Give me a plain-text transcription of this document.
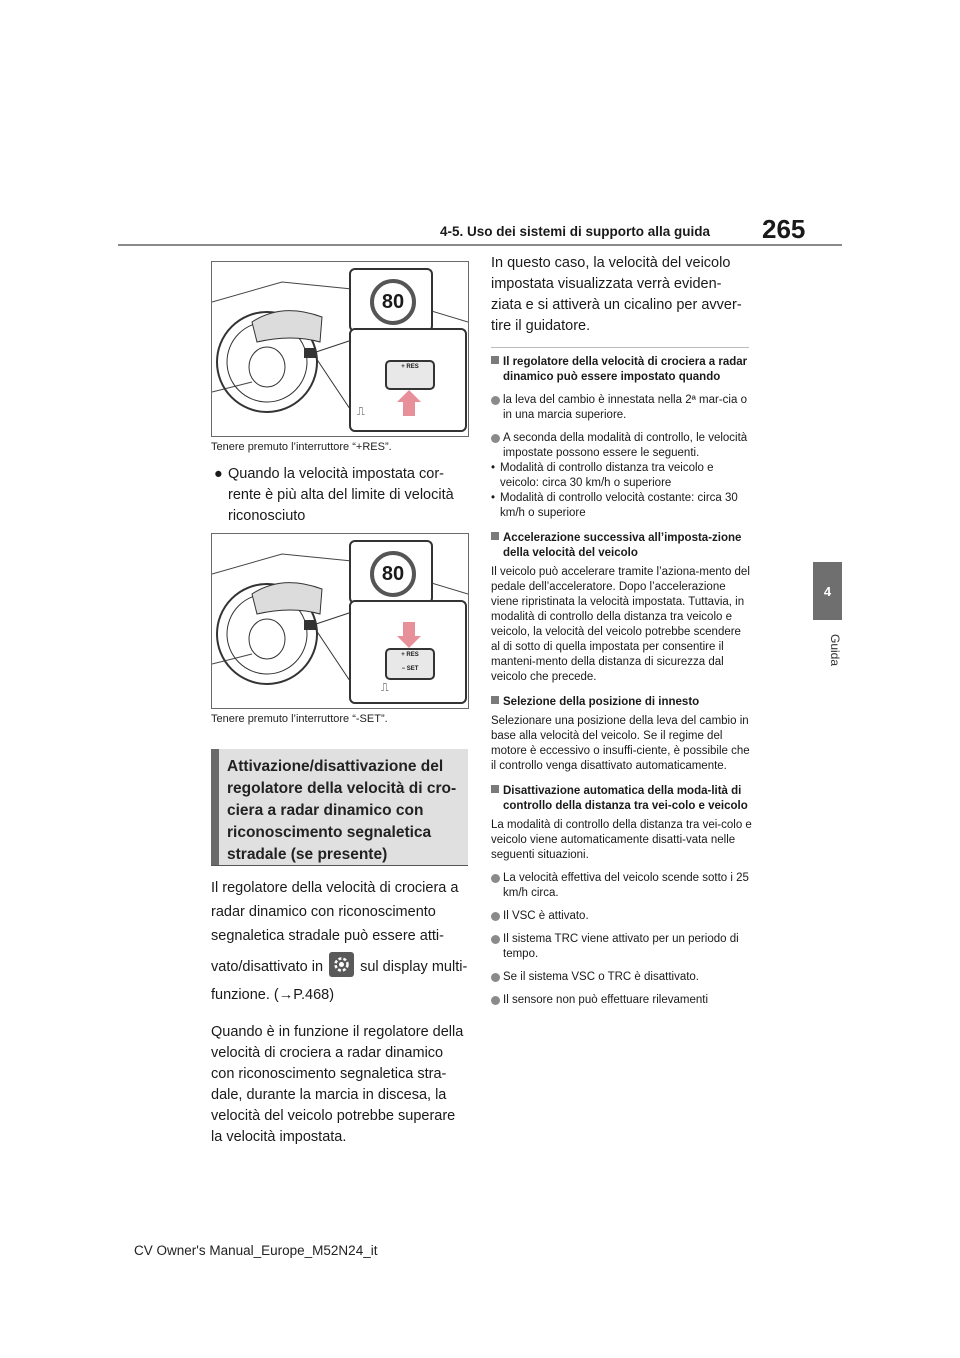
4-5. Uso dei sistemi di supporto alla guida 265
4
Guida
80
+ RES
⎍
Tenere premuto l’interruttore “+RES”.
● Quando la velocità impostata cor-
rente è più alta del limite di velocità
riconosciuto
80
+ RES
− SET
⎍
Tenere premuto l’interruttore “-SET”.
Attivazione/disattivazione del
regolatore della velocità di cro-
ciera a radar dinamico con
riconoscimento segnaletica
stradale (se presente)
Il regolatore della velocità di crociera a
radar dinamico con riconoscimento
segnaletica stradale può essere atti-
vato/disattivato in	sul display multi-
funzione. (→P.468)
Quando è in funzione il regolatore della
velocità di crociera a radar dinamico
con riconoscimento segnaletica stra-
dale, durante la marcia in discesa, la
velocità del veicolo potrebbe superare
la velocità impostata.
In questo caso, la velocità del veicolo
impostata visualizzata verrà eviden-
ziata e si attiverà un cicalino per avver-
tire il guidatore.
Il regolatore della velocità di crociera a radar dinamico può essere impostato quando
la leva del cambio è innestata nella 2ª mar-cia o in una marcia superiore.
A seconda della modalità di controllo, le velocità impostate possono essere le seguenti.
• Modalità di controllo distanza tra veicolo e veicolo: circa 30 km/h o superiore
• Modalità di controllo velocità costante: circa 30 km/h o superiore
Accelerazione successiva all’imposta-zione della velocità del veicolo
Il veicolo può accelerare tramite l’aziona-mento del pedale dell’acceleratore. Dopo l’accelerazione viene ripristinata la velocità impostata. Tuttavia, in modalità di controllo della distanza tra veicolo e veicolo, la velocità del veicolo potrebbe scendere al di sotto di quella impostata per consentire il manteni-mento della distanza di sicurezza dal veicolo che precede.
Selezione della posizione di innesto
Selezionare una posizione della leva del cambio in base alla velocità del veicolo. Se il regime del motore è eccessivo o insuffi-ciente, è possibile che il controllo venga disattivato automaticamente.
Disattivazione automatica della moda-lità di controllo della distanza tra vei-colo e veicolo
La modalità di controllo della distanza tra vei-colo e veicolo viene automaticamente disatti-vata nelle seguenti situazioni.
La velocità effettiva del veicolo scende sotto i 25 km/h circa.
Il VSC è attivato.
Il sistema TRC viene attivato per un periodo di tempo.
Se il sistema VSC o TRC è disattivato.
Il sensore non può effettuare rilevamenti
CV Owner's Manual_Europe_M52N24_it
